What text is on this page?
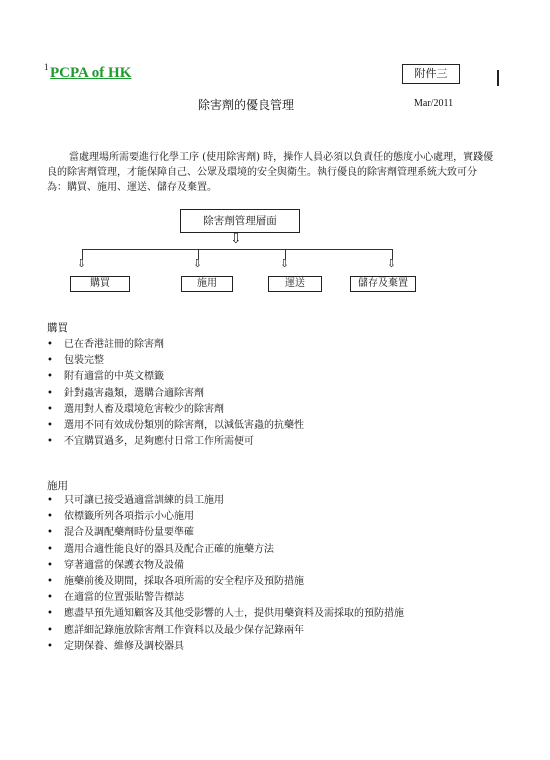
1 PCPA of HK	附件三
除害劑的優良管理	Mar/2011
當處理場所需要進行化學工序 (使用除害劑) 時，操作人員必須以負責任的態度小心處理，實踐優良的除害劑管理，才能保障自己、公眾及環境的安全與衛生。執行優良的除害劑管理系統大致可分為：購買、施用、運送、儲存及棄置。
除害劑管理層面
⇩
⇩	⇩	⇩	⇩
購買	施用	運送	儲存及棄置
購買
• 已在香港註冊的除害劑
• 包裝完整
• 附有適當的中英文標籤
• 針對蟲害蟲類，選購合適除害劑
• 選用對人畜及環境危害較少的除害劑
• 選用不同有效成份類別的除害劑，以減低害蟲的抗藥性
• 不宜購買過多，足夠應付日常工作所需便可
施用
• 只可讓已接受過適當訓練的員工施用
• 依標籤所列各項指示小心施用
• 混合及調配藥劑時份量要準確
• 選用合適性能良好的器具及配合正確的施藥方法
• 穿著適當的保護衣物及設備
• 施藥前後及期間，採取各項所需的安全程序及預防措施
• 在適當的位置張貼警告標誌
• 應盡早預先通知顧客及其他受影響的人士，提供用藥資料及需採取的預防措施
• 應詳細記錄施放除害劑工作資料以及最少保存記錄兩年
• 定期保養、維修及調校器具
